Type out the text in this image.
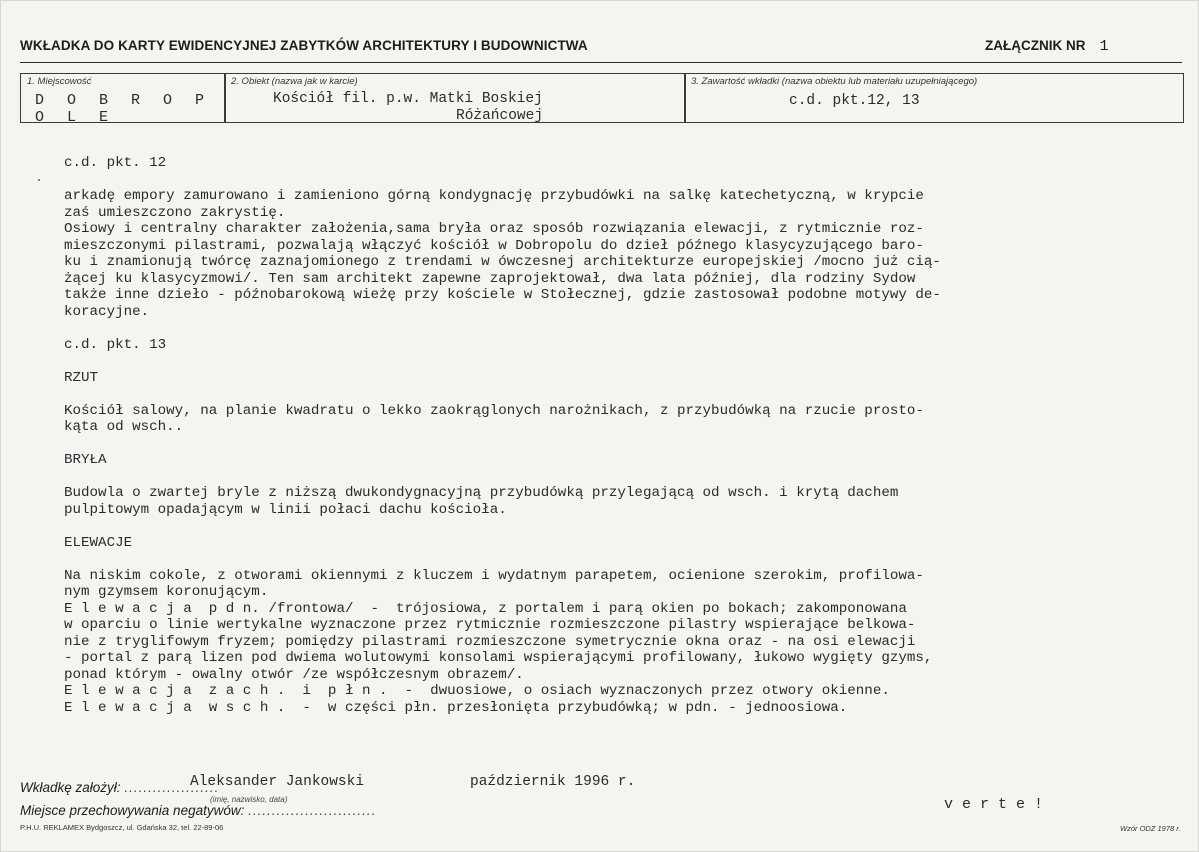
WKŁADKA DO KARTY EWIDENCYJNEJ ZABYTKÓW ARCHITEKTURY I BUDOWNICTWA	ZAŁĄCZNIK NR 1
1. Miejscowość
D O B R O P O L E
2. Obiekt (nazwa jak w karcie)
Kościół fil. p.w. Matki Boskiej
Różańcowej
3. Zawartość wkładki (nazwa obiektu lub materiału uzupełniającego)
c.d. pkt.12, 13

c.d. pkt. 12

arkadę empory zamurowano i zamieniono górną kondygnację przybudówki na salkę katechetyczną, w krypcie

zaś umieszczono zakrystię.

Osiowy i centralny charakter założenia,sama bryła oraz sposób rozwiązania elewacji, z rytmicznie roz-

mieszczonymi pilastrami, pozwalają włączyć kościół w Dobropolu do dzieł późnego klasycyzującego baro-

ku i znamionują twórcę zaznajomionego z trendami w ówczesnej architekturze europejskiej /mocno już cią-

żącej ku klasycyzmowi/. Ten sam architekt zapewne zaprojektował, dwa lata później, dla rodziny Sydow

także inne dzieło - późnobarokową wieżę przy kościele w Stołecznej, gdzie zastosował podobne motywy de-

koracyjne.

c.d. pkt. 13

RZUT

Kościół salowy, na planie kwadratu o lekko zaokrąglonych narożnikach, z przybudówką na rzucie prosto-

kąta od wsch..

BRYŁA

Budowla o zwartej bryle z niższą dwukondygnacyjną przybudówką przylegającą od wsch. i krytą dachem

pulpitowym opadającym w linii połaci dachu kościoła.

ELEWACJE

Na niskim cokole, z otworami okiennymi z kluczem i wydatnym parapetem, ocienione szerokim, profilowa-

nym gzymsem koronującym.

E l e w a c j a  p d n. /frontowa/  -  trójosiowa, z portalem i parą okien po bokach; zakomponowana

w oparciu o linie wertykalne wyznaczone przez rytmicznie rozmieszczone pilastry wspierające belkowa-

nie z tryglifowym fryzem; pomiędzy pilastrami rozmieszczone symetrycznie okna oraz - na osi elewacji

- portal z parą lizen pod dwiema wolutowymi konsolami wspierającymi profilowany, łukowo wygięty gzyms,

ponad którym - owalny otwór /ze współczesnym obrazem/.

E l e w a c j a  z a c h .  i  p ł n .  -  dwuosiowe, o osiach wyznaczonych przez otwory okienne.

E l e w a c j a  w s c h .  -  w części płn. przesłonięta przybudówką; w pdn. - jednoosiowa.

Wkładkę założył: ....................
Aleksander Jankowski	październik 1996 r.
(imię, nazwisko, data)
Miejsce przechowywania negatywów: ...........................	verte!
P.H.U. REKLAMEX Bydgoszcz, ul. Gdańska 32, tel. 22-89-06	Wzór ODZ 1978 r.
